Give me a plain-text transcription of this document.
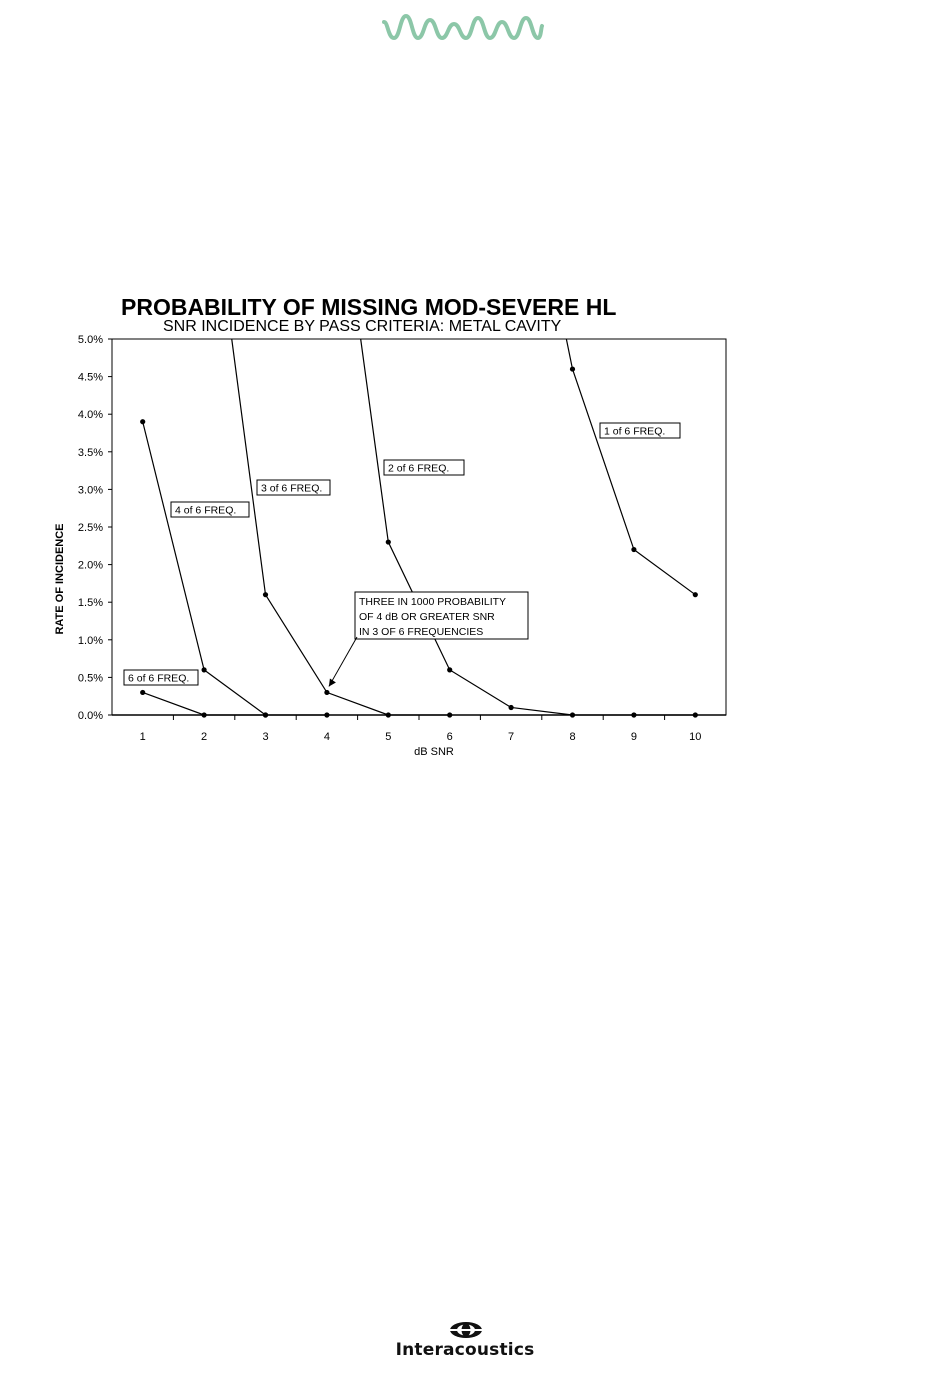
PROBABILITY OF MISSING MOD-SEVERE HL
SNR INCIDENCE BY PASS CRITERIA: METAL CAVITY
0.0%
0.5%
1.0%
1.5%
2.0%
2.5%
3.0%
3.5%
4.0%
4.5%
5.0%
1	2	3	4	5	6	7	8	9	10
dB SNR
RATE OF INCIDENCE
1 of 6 FREQ.
2 of 6 FREQ.
3 of 6 FREQ.
4 of 6 FREQ.
6 of 6 FREQ.
THREE IN 1000 PROBABILITY
OF 4 dB OR GREATER SNR
IN 3 OF 6 FREQUENCIES
Interacoustics
